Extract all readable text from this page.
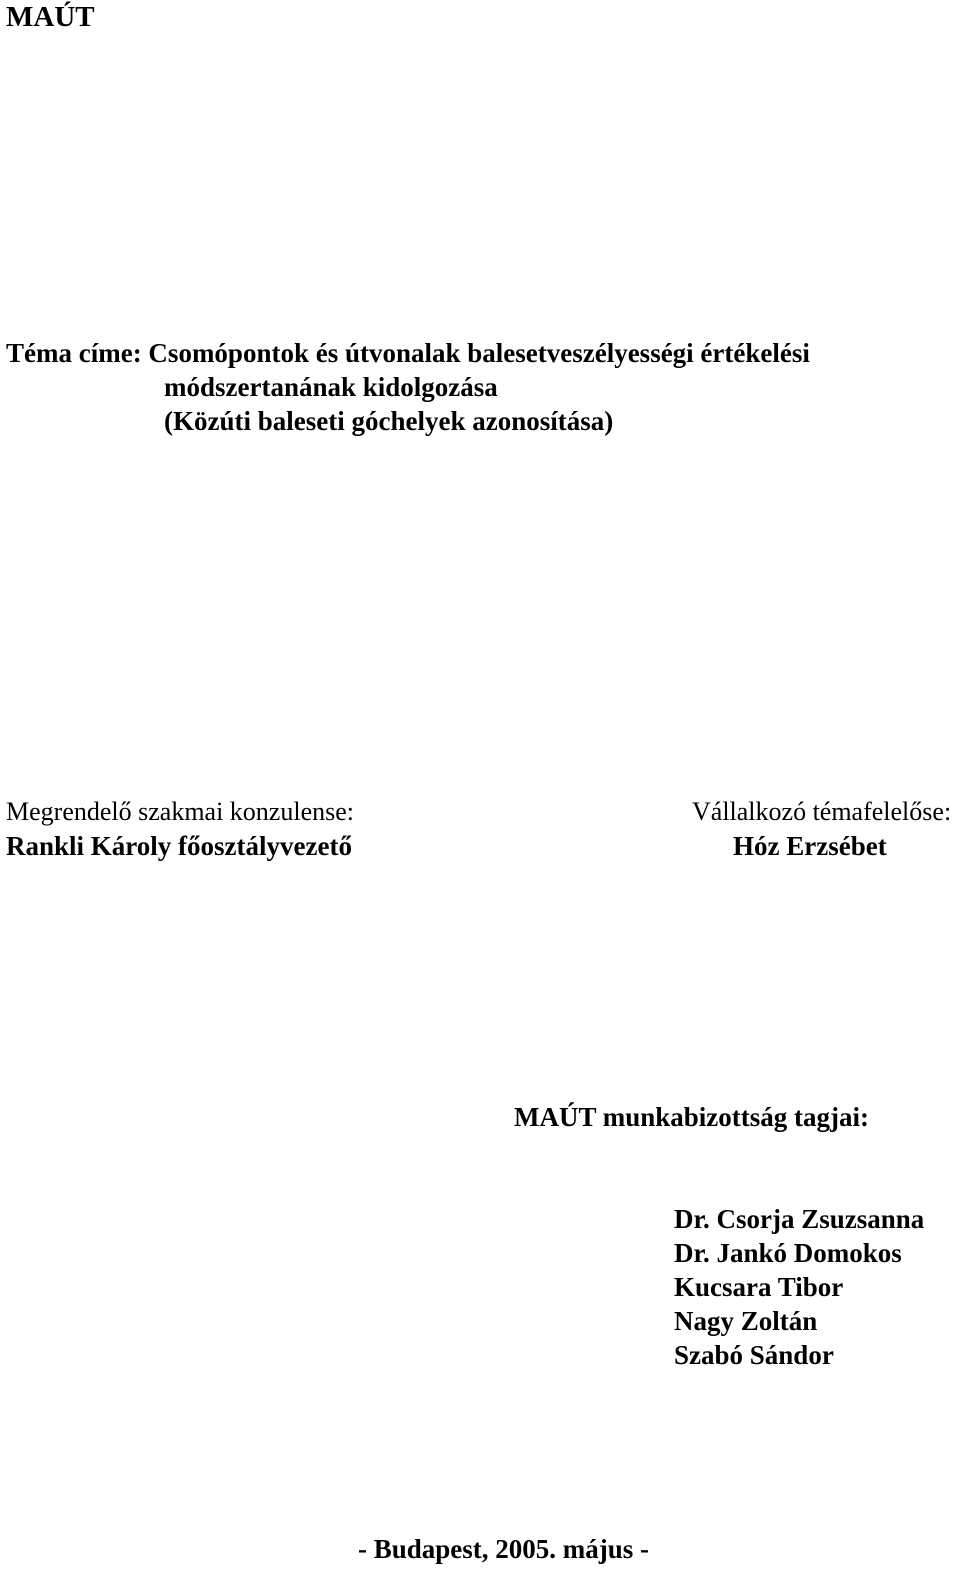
MAÚT
Téma címe: Csomópontok és útvonalak balesetveszélyességi értékelési
módszertanának kidolgozása
(Közúti baleseti góchelyek azonosítása)
Megrendelő szakmai konzulense:
Rankli Károly főosztályvezető
Vállalkozó témafelelőse:
Hóz Erzsébet
MAÚT munkabizottság tagjai:
Dr. Csorja Zsuzsanna
Dr. Jankó Domokos
Kucsara Tibor
Nagy Zoltán
Szabó Sándor
- Budapest, 2005. május -
